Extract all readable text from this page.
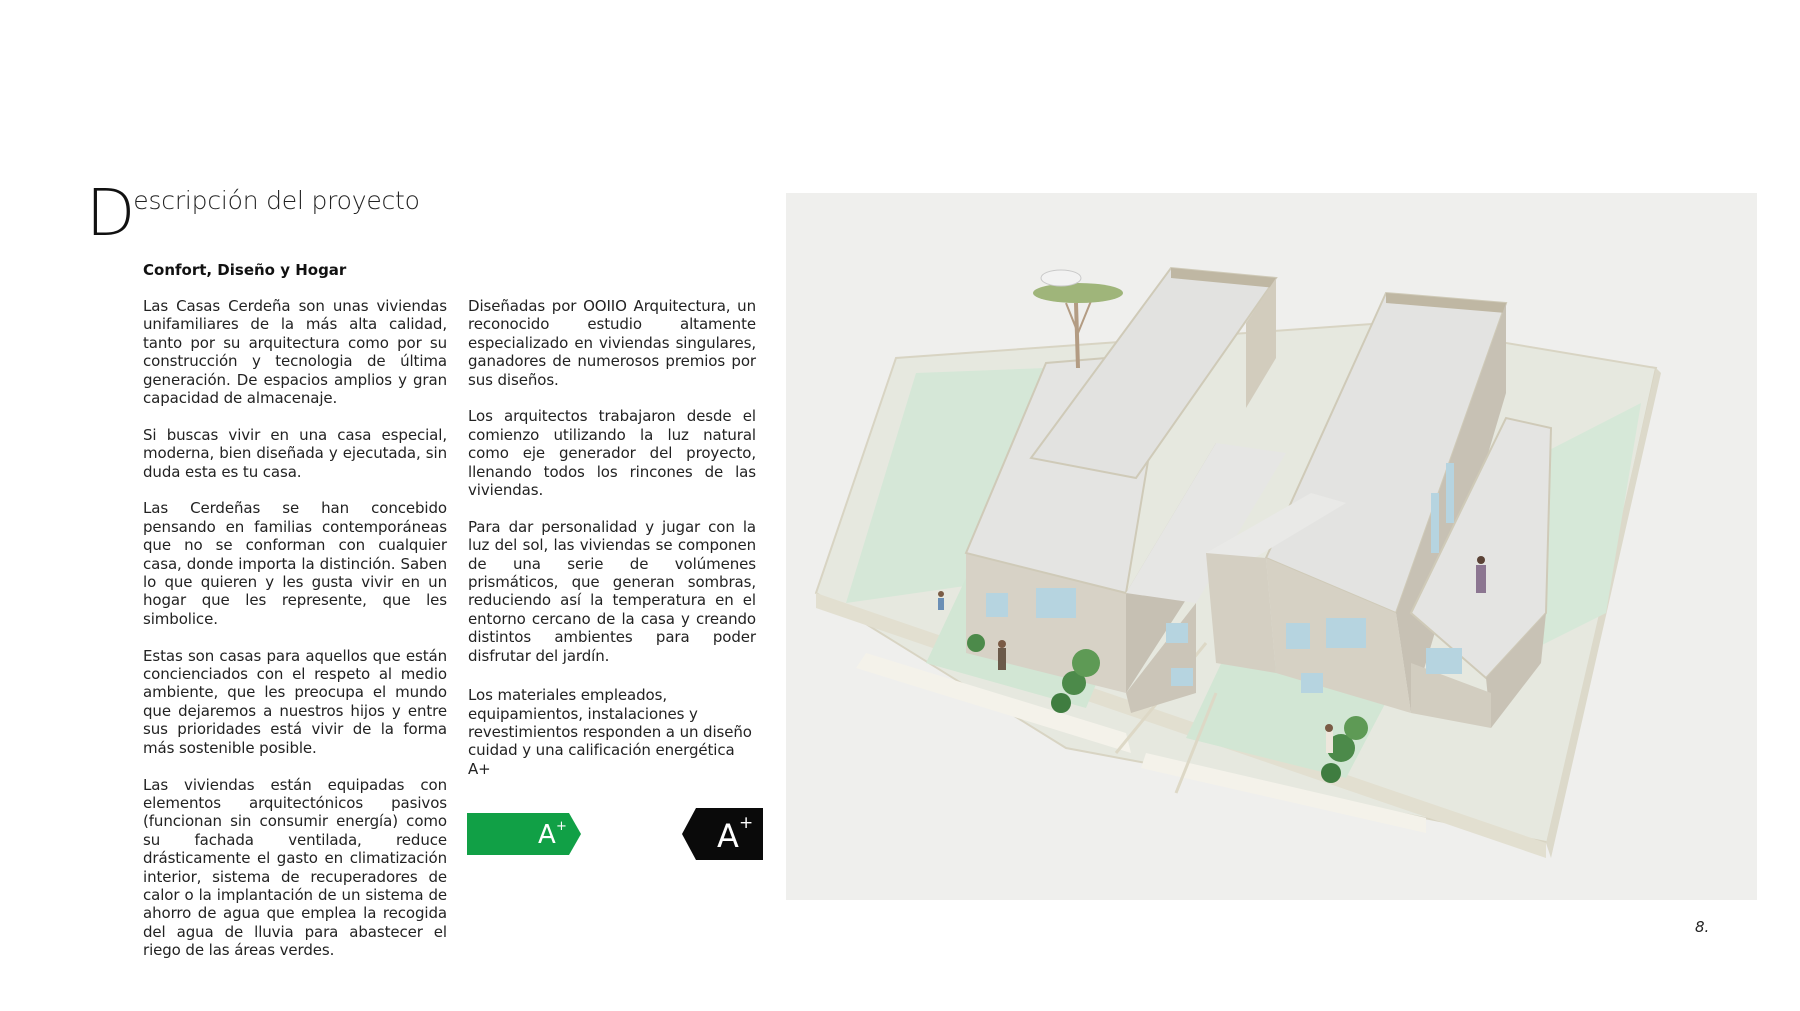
Descripción del proyecto
Confort, Diseño y Hogar

Las Casas Cerdeña son unas viviendas unifamiliares de la más alta calidad, tanto por su arquitectura como por su construcción y tecnologia de última generación. De espacios amplios y gran capacidad de almacenaje.

Si buscas vivir en una casa especial, moderna, bien diseñada y ejecutada, sin duda esta es tu casa.

Las Cerdeñas se han concebido pensando en familias contemporáneas que no se conforman con cualquier casa, donde importa la distinción. Saben lo que quieren y les gusta vivir en un hogar que les represente, que les simbolice.

Estas son casas para aquellos que están concienciados con el respeto al medio ambiente, que les preocupa el mundo que dejaremos a nuestros hijos y entre sus prioridades está vivir de la forma más sostenible posible.

Las viviendas están equipadas con elementos arquitectónicos pasivos (funcionan sin consumir energía) como su fachada ventilada, reduce drásticamente el gasto en climatización interior, sistema de recuperadores de calor o la implantación de un sistema de ahorro de agua que emplea la recogida del agua de lluvia para abastecer el riego de las áreas verdes.

Diseñadas por OOIIO Arquitectura, un reconocido estudio altamente especializado en viviendas singulares, ganadores de numerosos premios por sus diseños.

Los arquitectos trabajaron desde el comienzo utilizando la luz natural como eje generador del proyecto, llenando todos los rincones de las viviendas.

Para dar personalidad y jugar con la luz del sol, las viviendas se componen de una serie de volúmenes prismáticos, que generan sombras, reduciendo así la temperatura en el entorno cercano de la casa y creando distintos ambientes para poder disfrutar del jardín.

Los materiales empleados, equipamientos, instalaciones y revestimientos responden a un diseño cuidad y una calificación energética A+

A +	A +
8.
